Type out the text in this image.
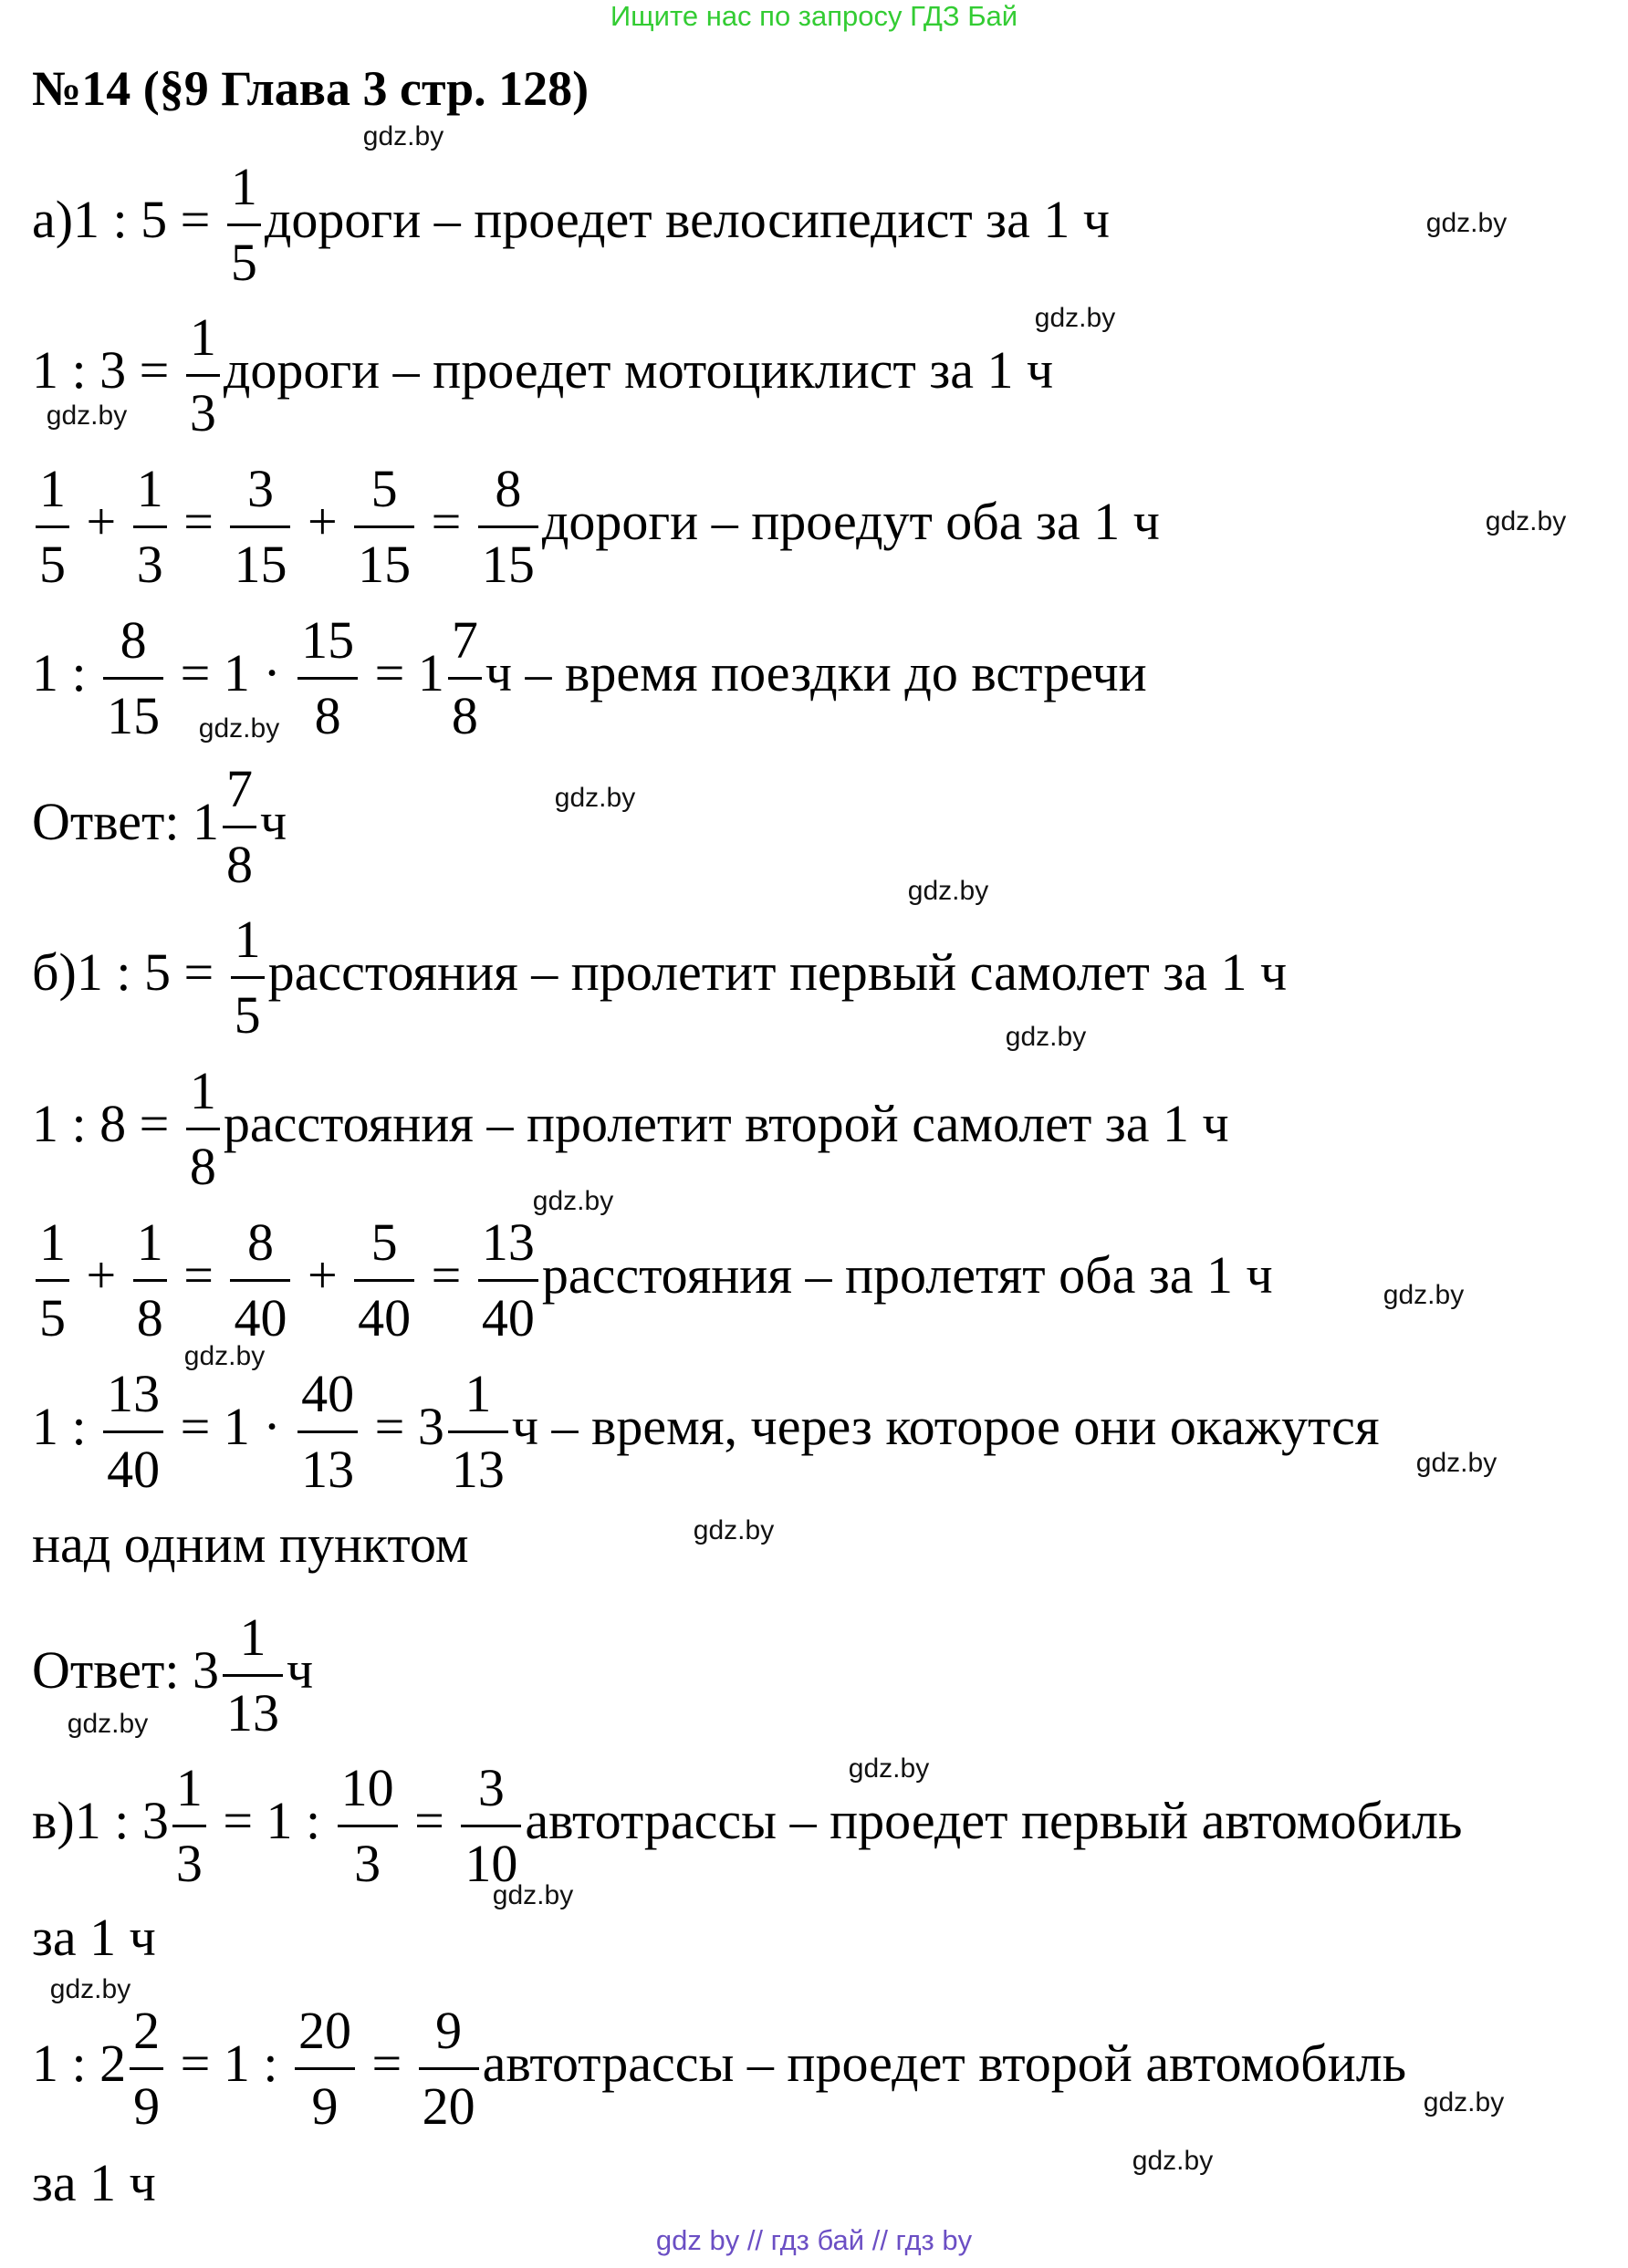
Ищите нас по запросу ГДЗ Бай
№14 (§9 Глава 3 стр. 128)
а)1 : $5 = \frac{1}{5}$ дороги – проедет велосипедист за 1 ч
1 : $3 = \frac{1}{3}$ дороги – проедет мотоциклист за 1 ч
$\frac{1}{5} + \frac{1}{3} = \frac{3}{15} + \frac{5}{15} = \frac{8}{15}$ дороги – проедут оба за 1 ч
1 : $\frac{8}{15} = 1 \cdot \frac{15}{8} = 1 \frac{7}{8}$ ч – время поездки до встречи
Ответ: $1 \frac{7}{8}$ ч
б)1 : $5 = \frac{1}{5}$ расстояния – пролетит первый самолет за 1 ч
1 : $8 = \frac{1}{8}$ расстояния – пролетит второй самолет за 1 ч
$\frac{1}{5} + \frac{1}{8} = \frac{8}{40} + \frac{5}{40} = \frac{13}{40}$ расстояния – пролетят оба за 1 ч
1 : $\frac{13}{40} = 1 \cdot \frac{40}{13} = 3 \frac{1}{13}$ ч – время, через которое они окажутся
над одним пунктом
Ответ: $3 \frac{1}{13}$ ч
в)1 : $3 \frac{1}{3} = 1$ : $\frac{10}{3} = \frac{3}{10}$ автотрассы – проедет первый автомобиль
за 1 ч
1 : $2 \frac{2}{9} = 1$ : $\frac{20}{9} = \frac{9}{20}$ автотрассы – проедет второй автомобиль
за 1 ч
gdz.by
gdz.by
gdz.by
gdz.by
gdz.by
gdz.by
gdz.by
gdz.by
gdz.by
gdz.by
gdz.by
gdz.by
gdz.by
gdz.by
gdz.by
gdz.by
gdz.by
gdz.by
gdz.by
gdz.by
gdz by // гдз бай // гдз by
